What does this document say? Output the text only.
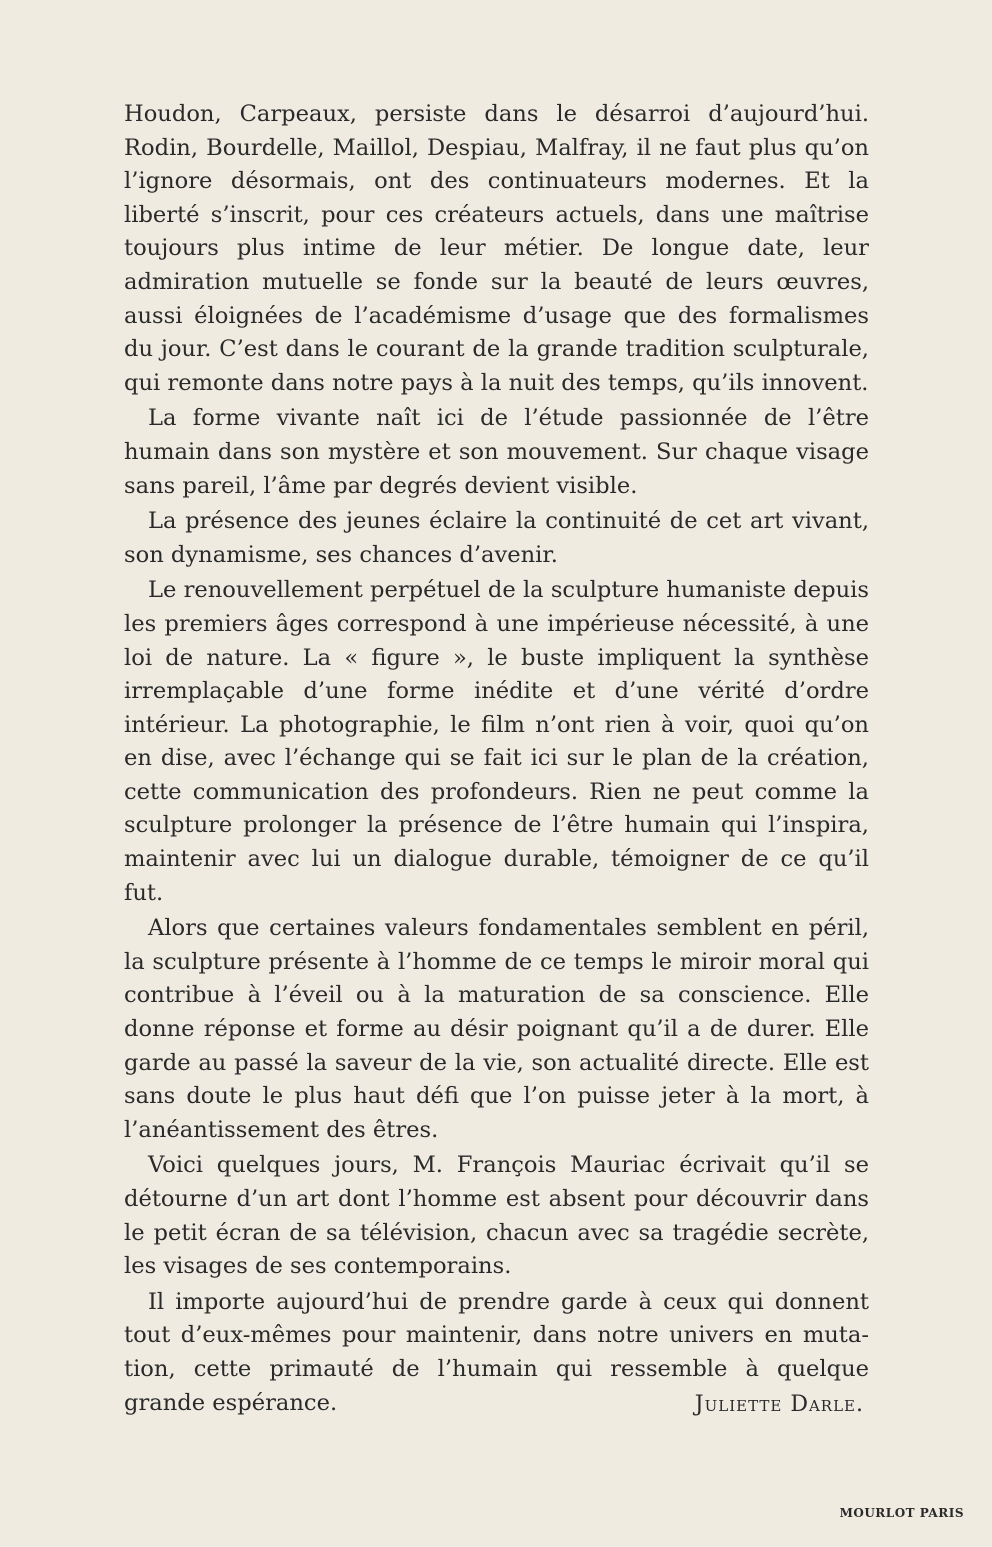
Houdon, Carpeaux, persiste dans le désarroi d’aujourd’hui. Rodin, Bourdelle, Maillol, Despiau, Malfray, il ne faut plus qu’on l’ignore désormais, ont des continuateurs modernes. Et la liberté s’inscrit, pour ces créateurs actuels, dans une maîtrise toujours plus intime de leur métier. De longue date, leur admiration mutuelle se fonde sur la beauté de leurs œuvres, aussi éloignées de l’académisme d’usage que des formalismes du jour. C’est dans le courant de la grande tradition sculpturale, qui remonte dans notre pays à la nuit des temps, qu’ils innovent.

La forme vivante naît ici de l’étude passionnée de l’être humain dans son mystère et son mouvement. Sur chaque visage sans pareil, l’âme par degrés devient visible.

La présence des jeunes éclaire la continuité de cet art vivant, son dynamisme, ses chances d’avenir.

Le renouvellement perpétuel de la sculpture humaniste depuis les premiers âges correspond à une impérieuse nécessité, à une loi de nature. La « figure », le buste impliquent la synthèse irremplaçable d’une forme inédite et d’une vérité d’ordre intérieur. La photographie, le film n’ont rien à voir, quoi qu’on en dise, avec l’échange qui se fait ici sur le plan de la création, cette communication des profondeurs. Rien ne peut comme la sculpture prolonger la présence de l’être humain qui l’inspira, maintenir avec lui un dialogue durable, témoigner de ce qu’il fut.

Alors que certaines valeurs fondamentales semblent en péril, la sculpture présente à l’homme de ce temps le miroir moral qui contribue à l’éveil ou à la maturation de sa conscience. Elle donne réponse et forme au désir poignant qu’il a de durer. Elle garde au passé la saveur de la vie, son actualité directe. Elle est sans doute le plus haut défi que l’on puisse jeter à la mort, à l’anéantissement des êtres.

Voici quelques jours, M. François Mauriac écrivait qu’il se détourne d’un art dont l’homme est absent pour découvrir dans le petit écran de sa télévision, chacun avec sa tragédie secrète, les visages de ses contemporains.

Il importe aujourd’hui de prendre garde à ceux qui donnent tout d’eux-mêmes pour maintenir, dans notre univers en mutation, cette primauté de l’humain qui ressemble à quelque grande espérance.	Juliette Darle.
MOURLOT PARIS
